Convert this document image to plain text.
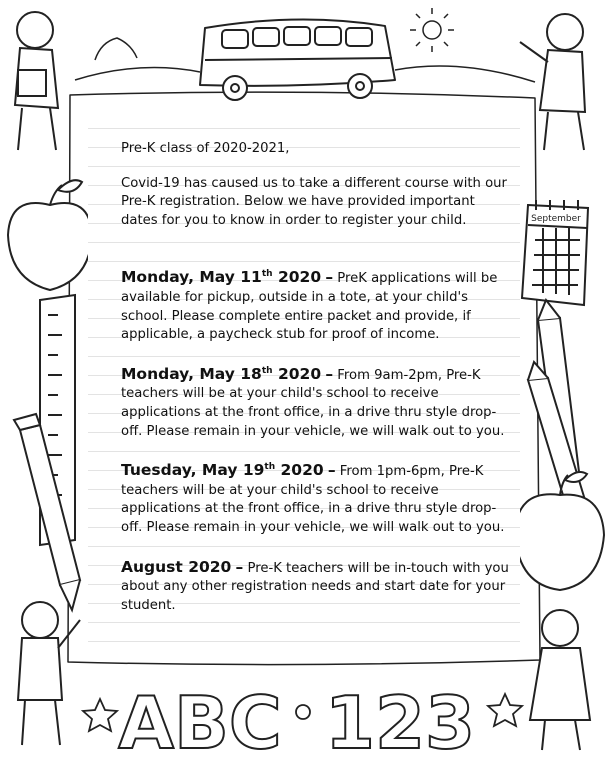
September
ABC 123

Pre-K class of 2020-2021,

Covid-19 has caused us to take a different course with our Pre-K registration. Below we have provided important dates for you to know in order to register your child.

Monday, May 11th 2020 – PreK applications will be available for pickup, outside in a tote, at your child's school. Please complete entire packet and provide, if applicable, a paycheck stub for proof of income.

Monday, May 18th 2020 – From 9am-2pm, Pre-K teachers will be at your child's school to receive applications at the front office, in a drive thru style drop-off. Please remain in your vehicle, we will walk out to you.

Tuesday, May 19th 2020 – From 1pm-6pm, Pre-K teachers will be at your child's school to receive applications at the front office, in a drive thru style drop-off. Please remain in your vehicle, we will walk out to you.

August 2020 – Pre-K teachers will be in-touch with you about any other registration needs and start date for your student.
